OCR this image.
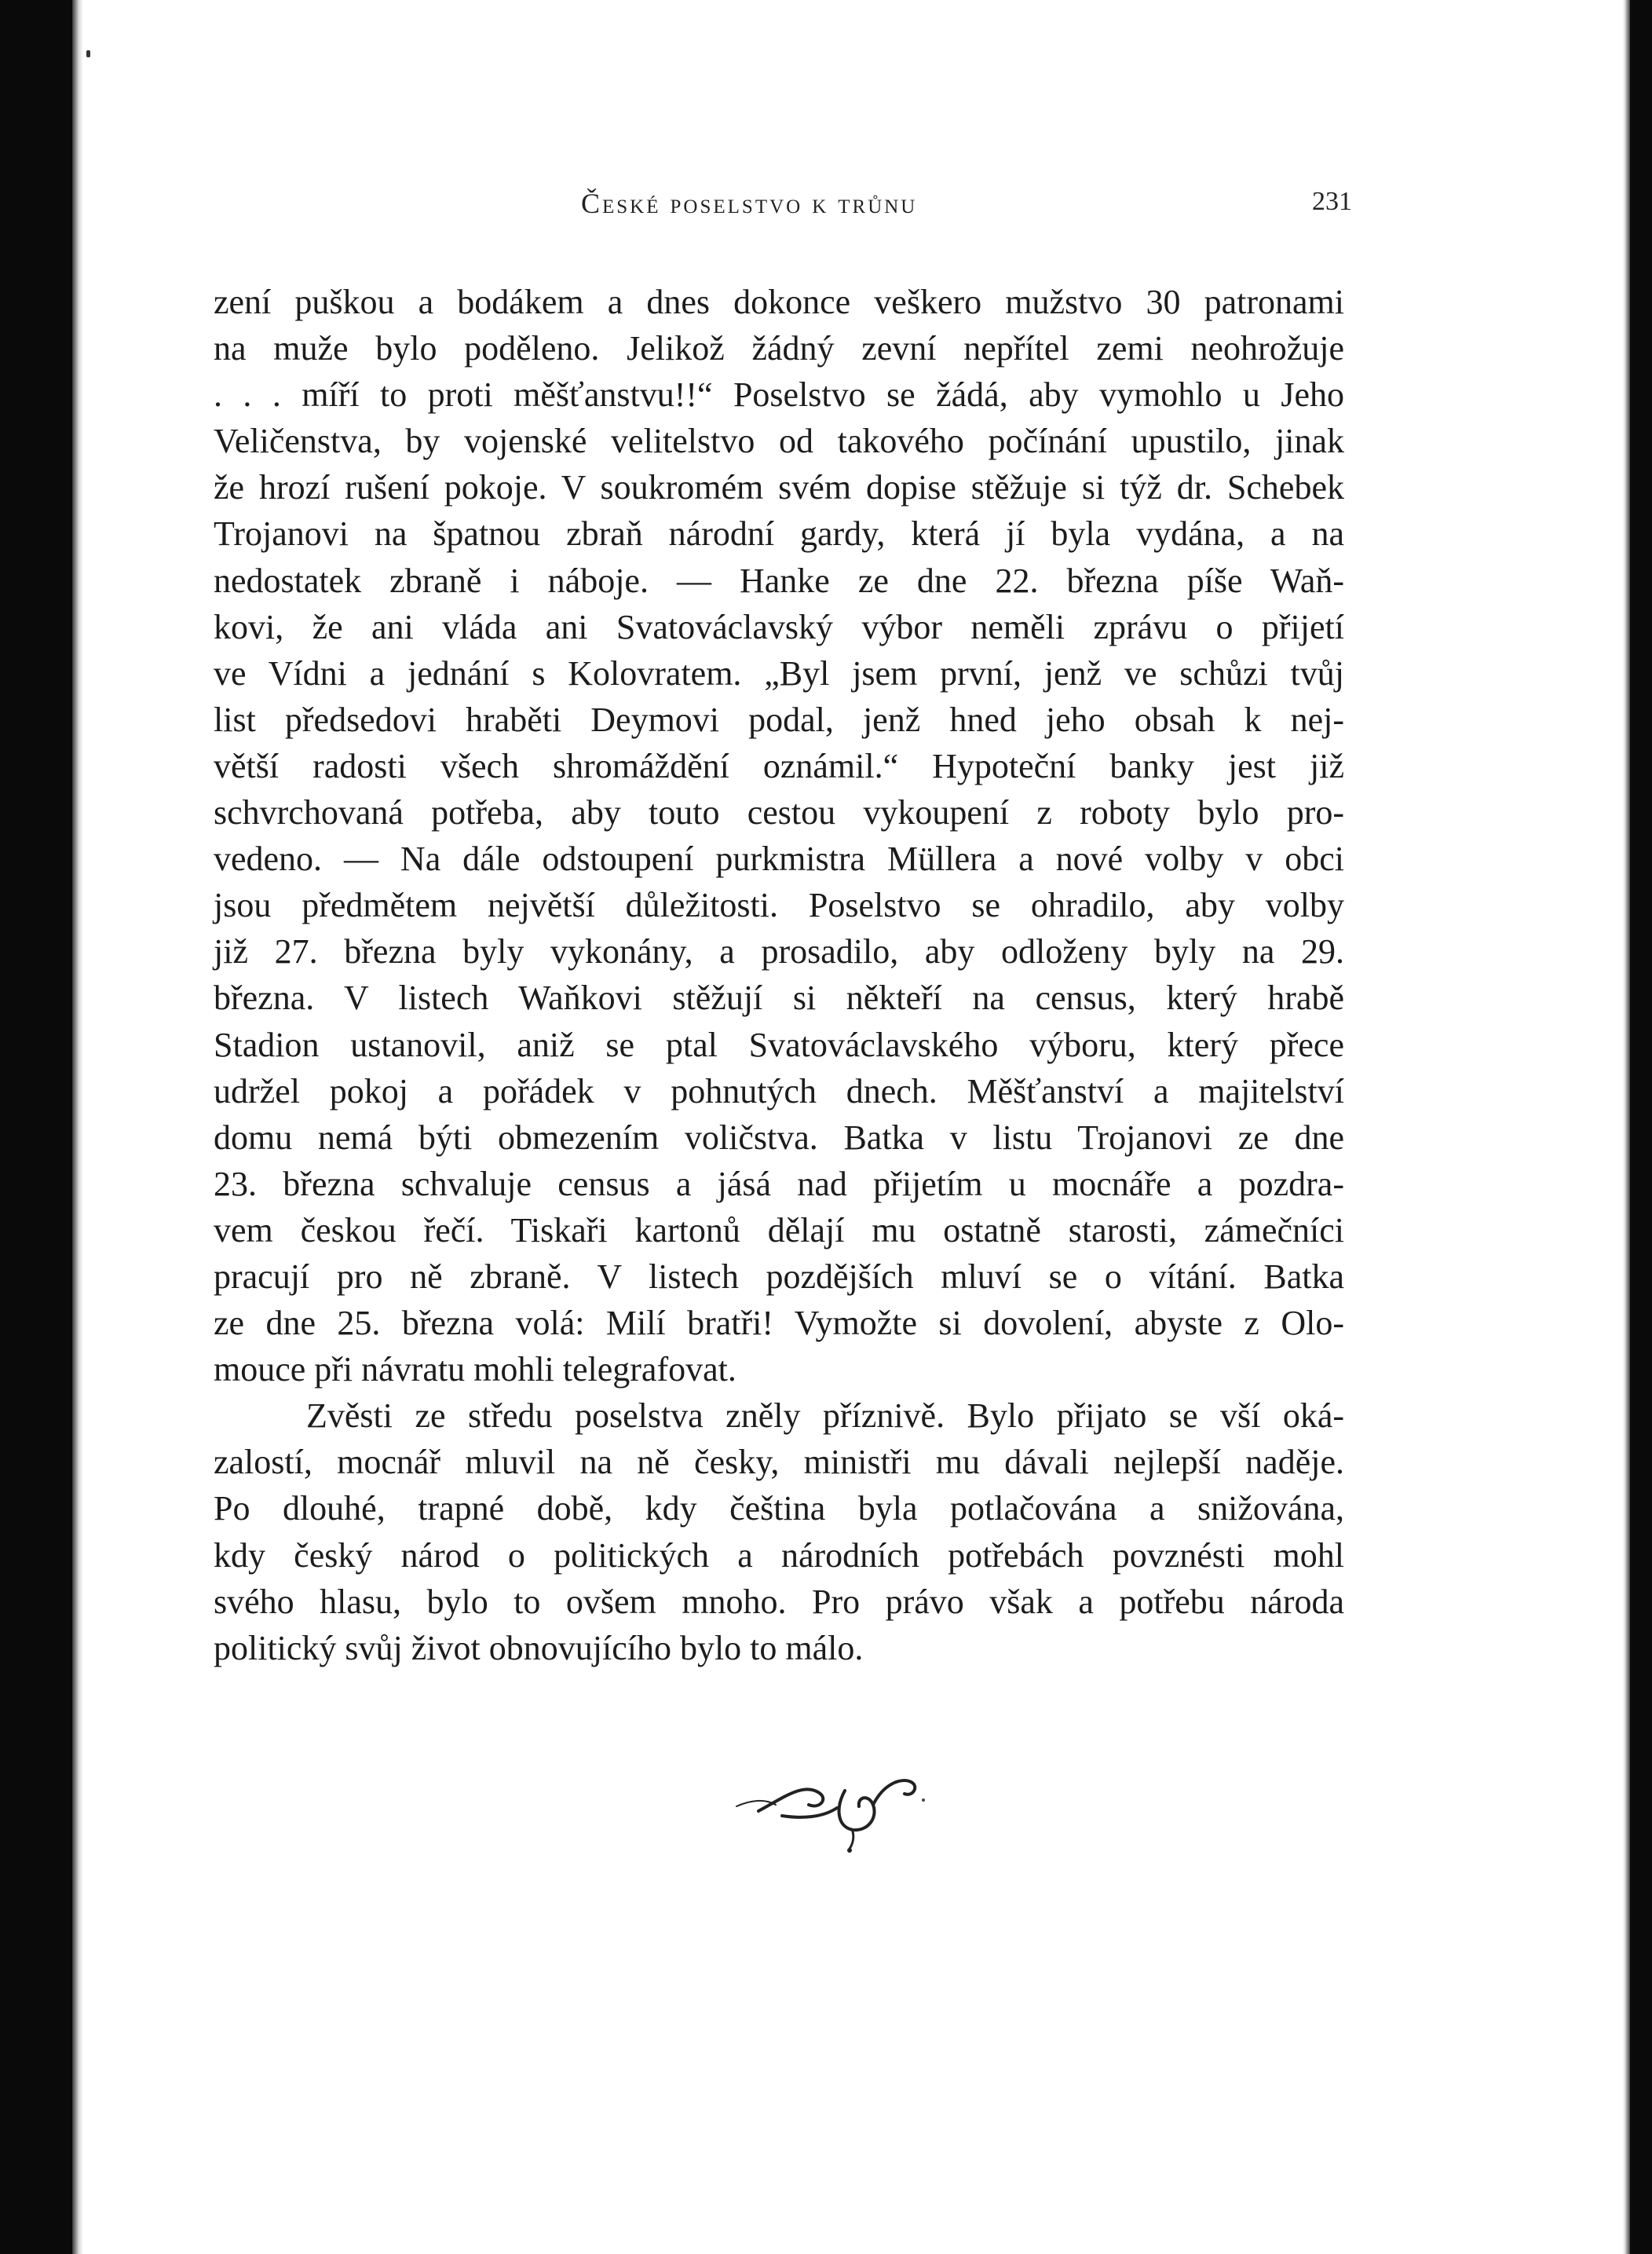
České poselstvo k trůnu	231
zení puškou a bodákem a dnes dokonce veškero mužstvo 30 patronami
na muže bylo poděleno. Jelikož žádný zevní nepřítel zemi neohrožuje
. . . míří to proti měšťanstvu!!“ Poselstvo se žádá, aby vymohlo u Jeho
Veličenstva, by vojenské velitelstvo od takového počínání upustilo, jinak
že hrozí rušení pokoje. V soukromém svém dopise stěžuje si týž dr. Schebek
Trojanovi na špatnou zbraň národní gardy, která jí byla vydána, a na
nedostatek zbraně i náboje. — Hanke ze dne 22. března píše Waň-
kovi, že ani vláda ani Svatováclavský výbor neměli zprávu o přijetí
ve Vídni a jednání s Kolovratem. „Byl jsem první, jenž ve schůzi tvůj
list předsedovi hraběti Deymovi podal, jenž hned jeho obsah k nej-
větší radosti všech shromáždění oznámil.“ Hypoteční banky jest již
schvrchovaná potřeba, aby touto cestou vykoupení z roboty bylo pro-
vedeno. — Na dále odstoupení purkmistra Müllera a nové volby v obci
jsou předmětem největší důležitosti. Poselstvo se ohradilo, aby volby
již 27. března byly vykonány, a prosadilo, aby odloženy byly na 29.
března. V listech Waňkovi stěžují si někteří na census, který hrabě
Stadion ustanovil, aniž se ptal Svatováclavského výboru, který přece
udržel pokoj a pořádek v pohnutých dnech. Měšťanství a majitelství
domu nemá býti obmezením voličstva. Batka v listu Trojanovi ze dne
23. března schvaluje census a jásá nad přijetím u mocnáře a pozdra-
vem českou řečí. Tiskaři kartonů dělají mu ostatně starosti, zámečníci
pracují pro ně zbraně. V listech pozdějších mluví se o vítání. Batka
ze dne 25. března volá: Milí bratři! Vymožte si dovolení, abyste z Olo-
mouce při návratu mohli telegrafovat.
Zvěsti ze středu poselstva zněly příznivě. Bylo přijato se vší oká-
zalostí, mocnář mluvil na ně česky, ministři mu dávali nejlepší naděje.
Po dlouhé, trapné době, kdy čeština byla potlačována a snižována,
kdy český národ o politických a národních potřebách povznésti mohl
svého hlasu, bylo to ovšem mnoho. Pro právo však a potřebu národa
politický svůj život obnovujícího bylo to málo.
